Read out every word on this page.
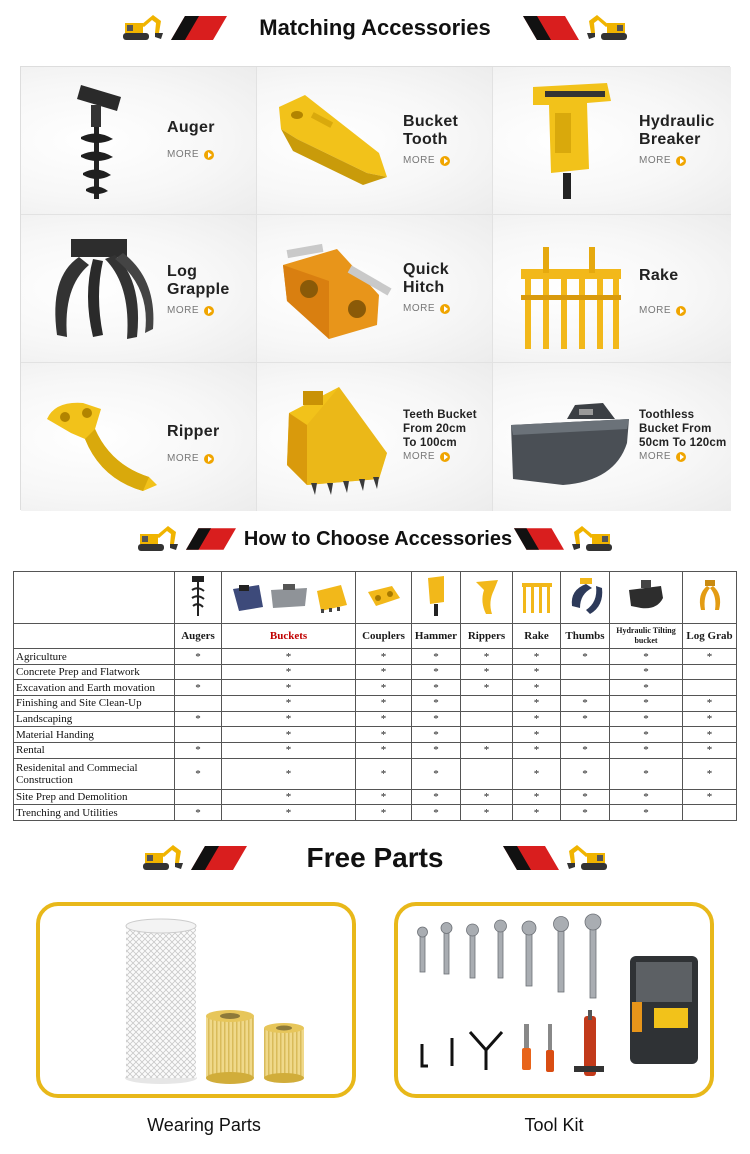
Matching Accessories
Auger
MORE
Bucket
Tooth
MORE
Hydraulic
Breaker
MORE
Log
Grapple
MORE
Quick
Hitch
MORE
Rake
MORE
Ripper
MORE
Teeth Bucket
From 20cm
To 100cm
MORE
Toothless
Bucket From
50cm To 120cm
MORE
How to Choose Accessories

	Augers	Buckets	Couplers	Hammer	Rippers	Rake	Thumbs	Hydraulic Tilting bucket	Log Grab
Agriculture	*	*	*	*	*	*	*	*	*
Concrete Prep and Flatwork		*	*	*	*	*		*	
Excavation and Earth movation	*	*	*	*	*	*		*	
Finishing and Site Clean-Up		*	*	*		*	*	*	*
Landscaping	*	*	*	*		*	*	*	*
Material Handing		*	*	*		*		*	*
Rental	*	*	*	*	*	*	*	*	*
Residenital and Commecial Construction	*	*	*	*		*	*	*	*
Site Prep and Demolition		*	*	*	*	*	*	*	*
Trenching and Utilities	*	*	*	*	*	*	*	*	
Free Parts
Wearing Parts	Tool Kit
